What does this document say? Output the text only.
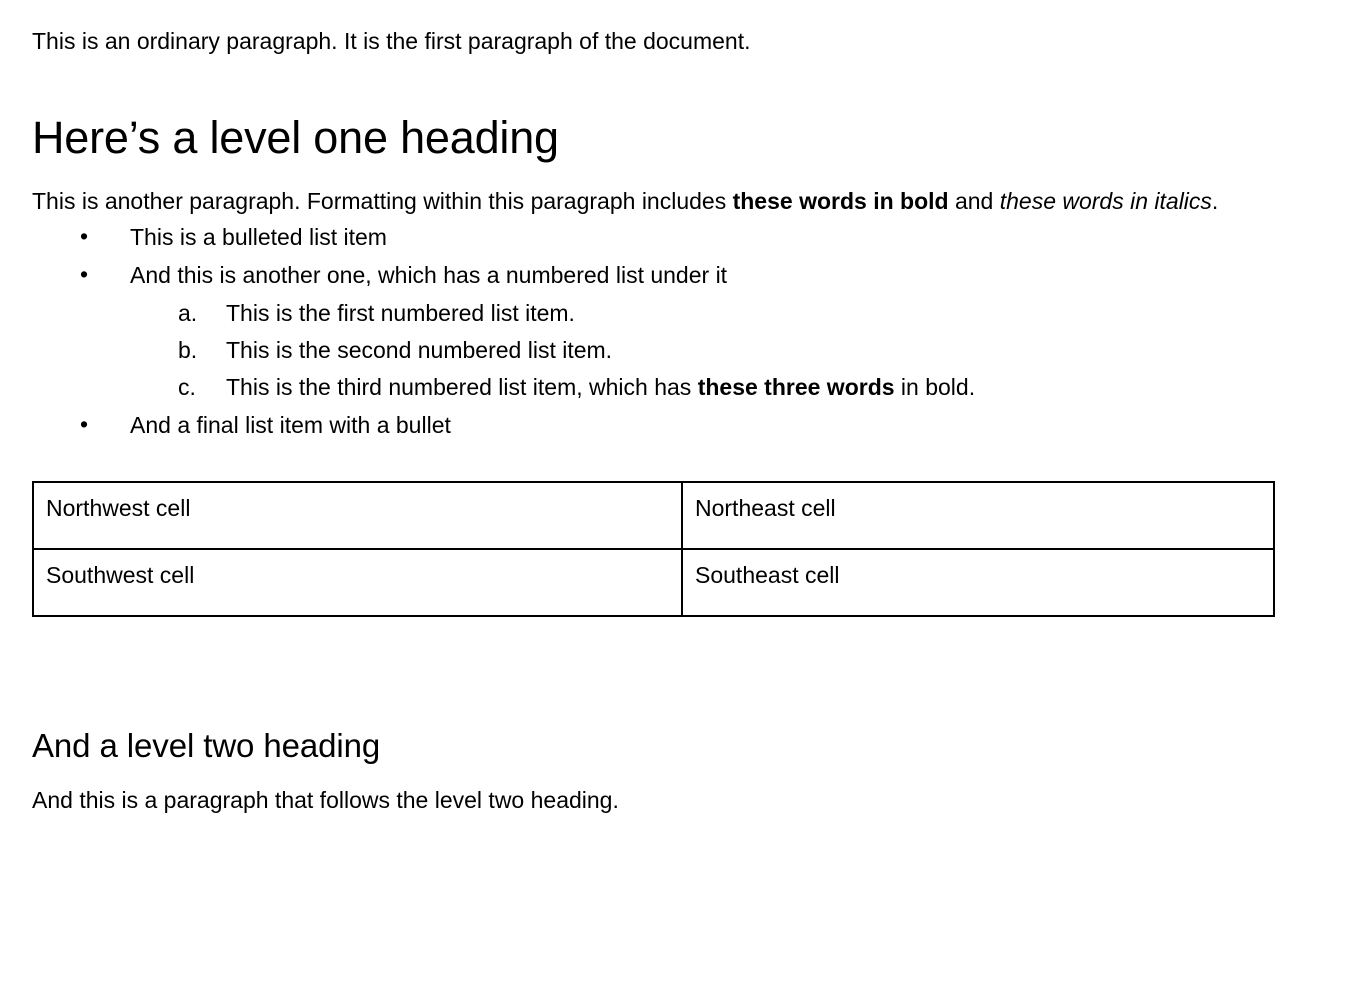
This is an ordinary paragraph. It is the first paragraph of the document.

Here’s a level one heading

This is another paragraph. Formatting within this paragraph includes these words in bold and these words in italics.

• This is a bulleted list item
• And this is another one, which has a numbered list under it
a.	This is the first numbered list item.
b.	This is the second numbered list item.
c.	This is the third numbered list item, which has these three words in bold.
• And a final list item with a bullet
Northwest cell	Northeast cell
Southwest cell	Southeast cell
And a level two heading

And this is a paragraph that follows the level two heading.
